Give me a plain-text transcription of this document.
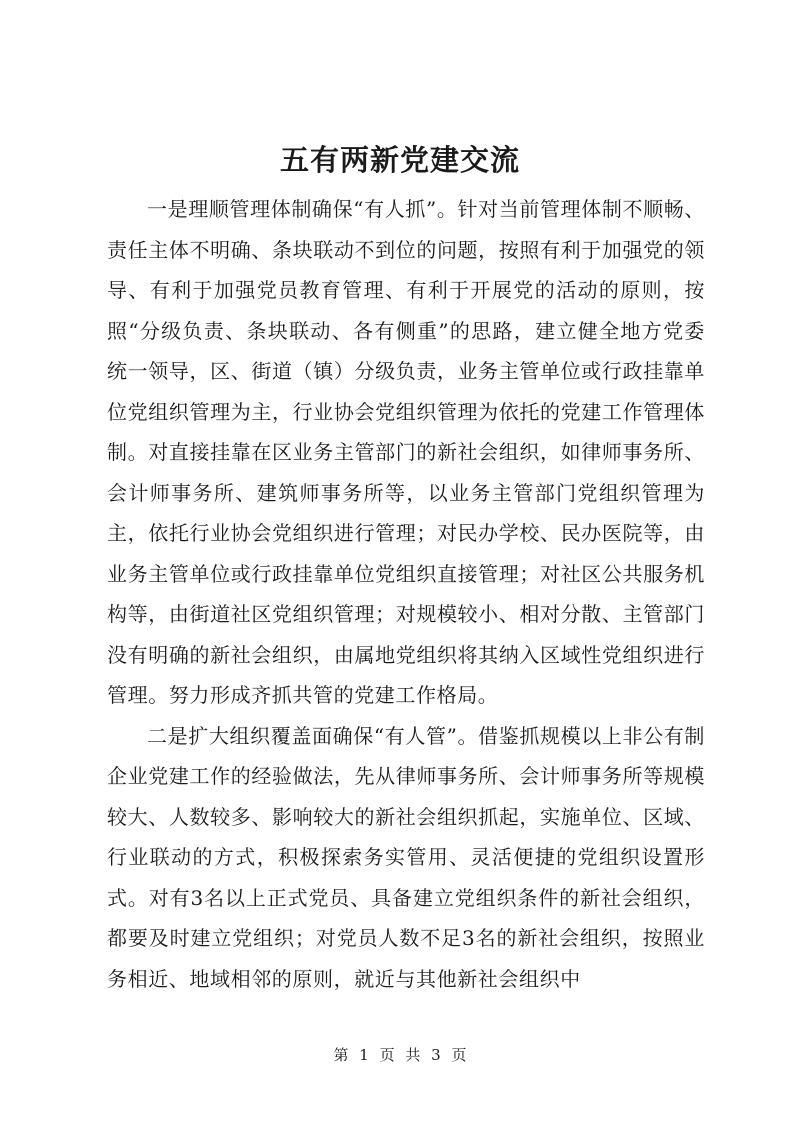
五有两新党建交流

一是理顺管理体制确保“有人抓”。针对当前管理体制不顺畅、责任主体不明确、条块联动不到位的问题，按照有利于加强党的领导、有利于加强党员教育管理、有利于开展党的活动的原则，按照“分级负责、条块联动、各有侧重”的思路，建立健全地方党委统一领导，区、街道（镇）分级负责，业务主管单位或行政挂靠单位党组织管理为主，行业协会党组织管理为依托的党建工作管理体制。对直接挂靠在区业务主管部门的新社会组织，如律师事务所、会计师事务所、建筑师事务所等，以业务主管部门党组织管理为主，依托行业协会党组织进行管理；对民办学校、民办医院等，由业务主管单位或行政挂靠单位党组织直接管理；对社区公共服务机构等，由街道社区党组织管理；对规模较小、相对分散、主管部门没有明确的新社会组织，由属地党组织将其纳入区域性党组织进行管理。努力形成齐抓共管的党建工作格局。

二是扩大组织覆盖面确保“有人管”。借鉴抓规模以上非公有制企业党建工作的经验做法，先从律师事务所、会计师事务所等规模较大、人数较多、影响较大的新社会组织抓起，实施单位、区域、行业联动的方式，积极探索务实管用、灵活便捷的党组织设置形式。对有3名以上正式党员、具备建立党组织条件的新社会组织，都要及时建立党组织；对党员人数不足3名的新社会组织，按照业务相近、地域相邻的原则，就近与其他新社会组织中

第 1 页 共 3 页
